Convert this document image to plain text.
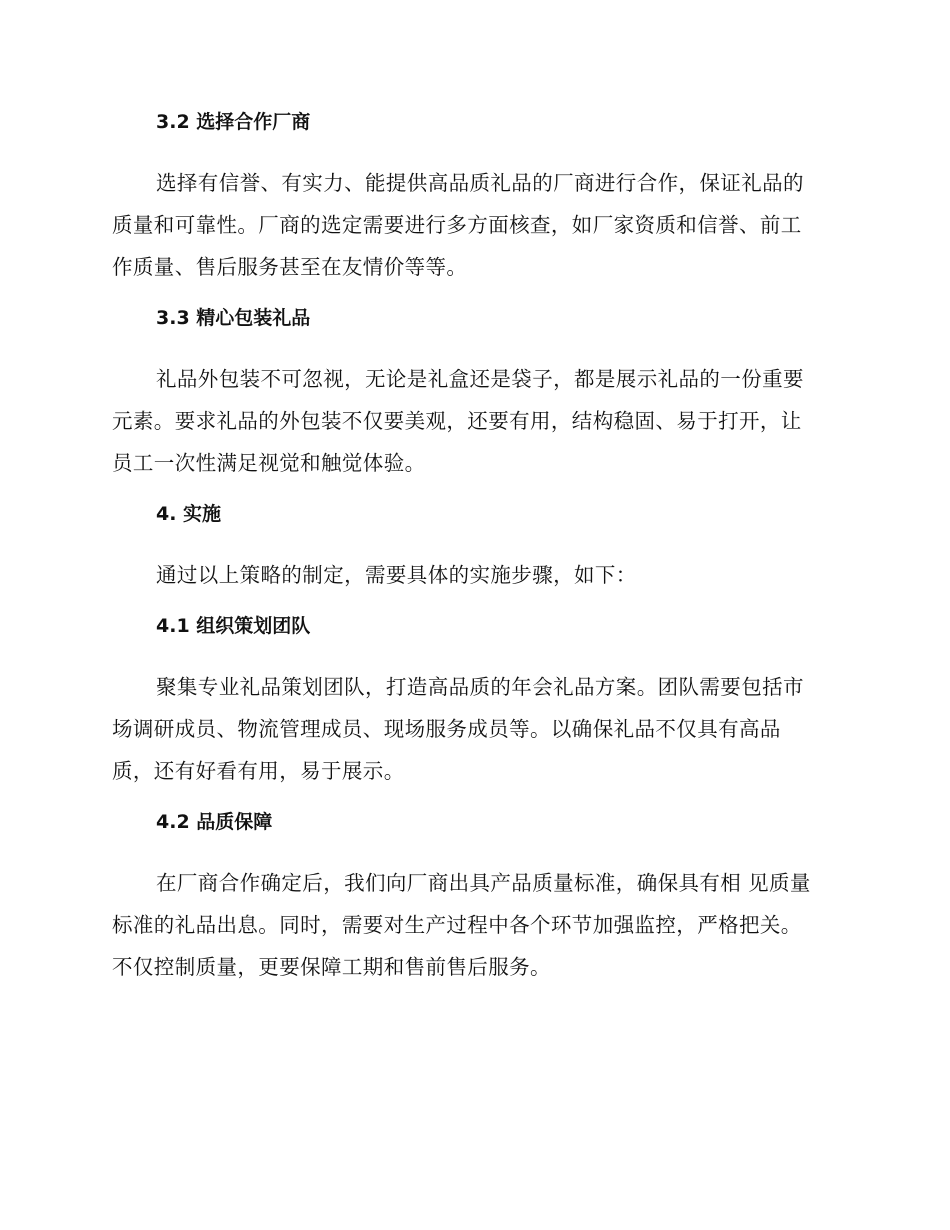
3.2 选择合作厂商
选择有信誉、有实力、能提供高品质礼品的厂商进行合作，保证礼品的
质量和可靠性。厂商的选定需要进行多方面核查，如厂家资质和信誉、前工
作质量、售后服务甚至在友情价等等。
3.3 精心包装礼品
礼品外包装不可忽视，无论是礼盒还是袋子，都是展示礼品的一份重要
元素。要求礼品的外包装不仅要美观，还要有用，结构稳固、易于打开，让
员工一次性满足视觉和触觉体验。
4. 实施
通过以上策略的制定，需要具体的实施步骤，如下：
4.1 组织策划团队
聚集专业礼品策划团队，打造高品质的年会礼品方案。团队需要包括市
场调研成员、物流管理成员、现场服务成员等。以确保礼品不仅具有高品
质，还有好看有用，易于展示。
4.2 品质保障
在厂商合作确定后，我们向厂商出具产品质量标准，确保具有相 见质量
标准的礼品出息。同时，需要对生产过程中各个环节加强监控，严格把关。
不仅控制质量，更要保障工期和售前售后服务。
